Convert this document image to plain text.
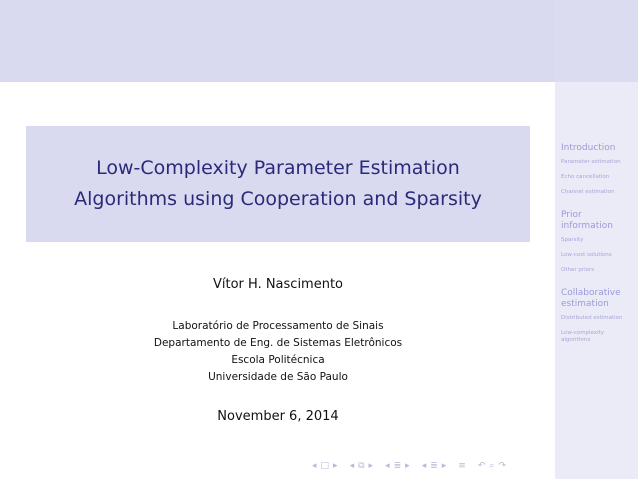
Introduction
Parameter estimation
Echo cancellation
Channel estimation
Prior information
Sparsity
Low-cost solutions
Other priors
Collaborative estimation
Distributed estimation
Low-complexity algorithms
Low-Complexity Parameter Estimation Algorithms using Cooperation and Sparsity
Vítor H. Nascimento
Laboratório de Processamento de Sinais
Departamento de Eng. de Sistemas Eletrônicos
Escola Politécnica
Universidade de São Paulo
November 6, 2014
◂ □ ▸ ◂ ⧉ ▸ ◂ ≣ ▸ ◂ ≣ ▸ ≡ ↶ ⌕ ↷
